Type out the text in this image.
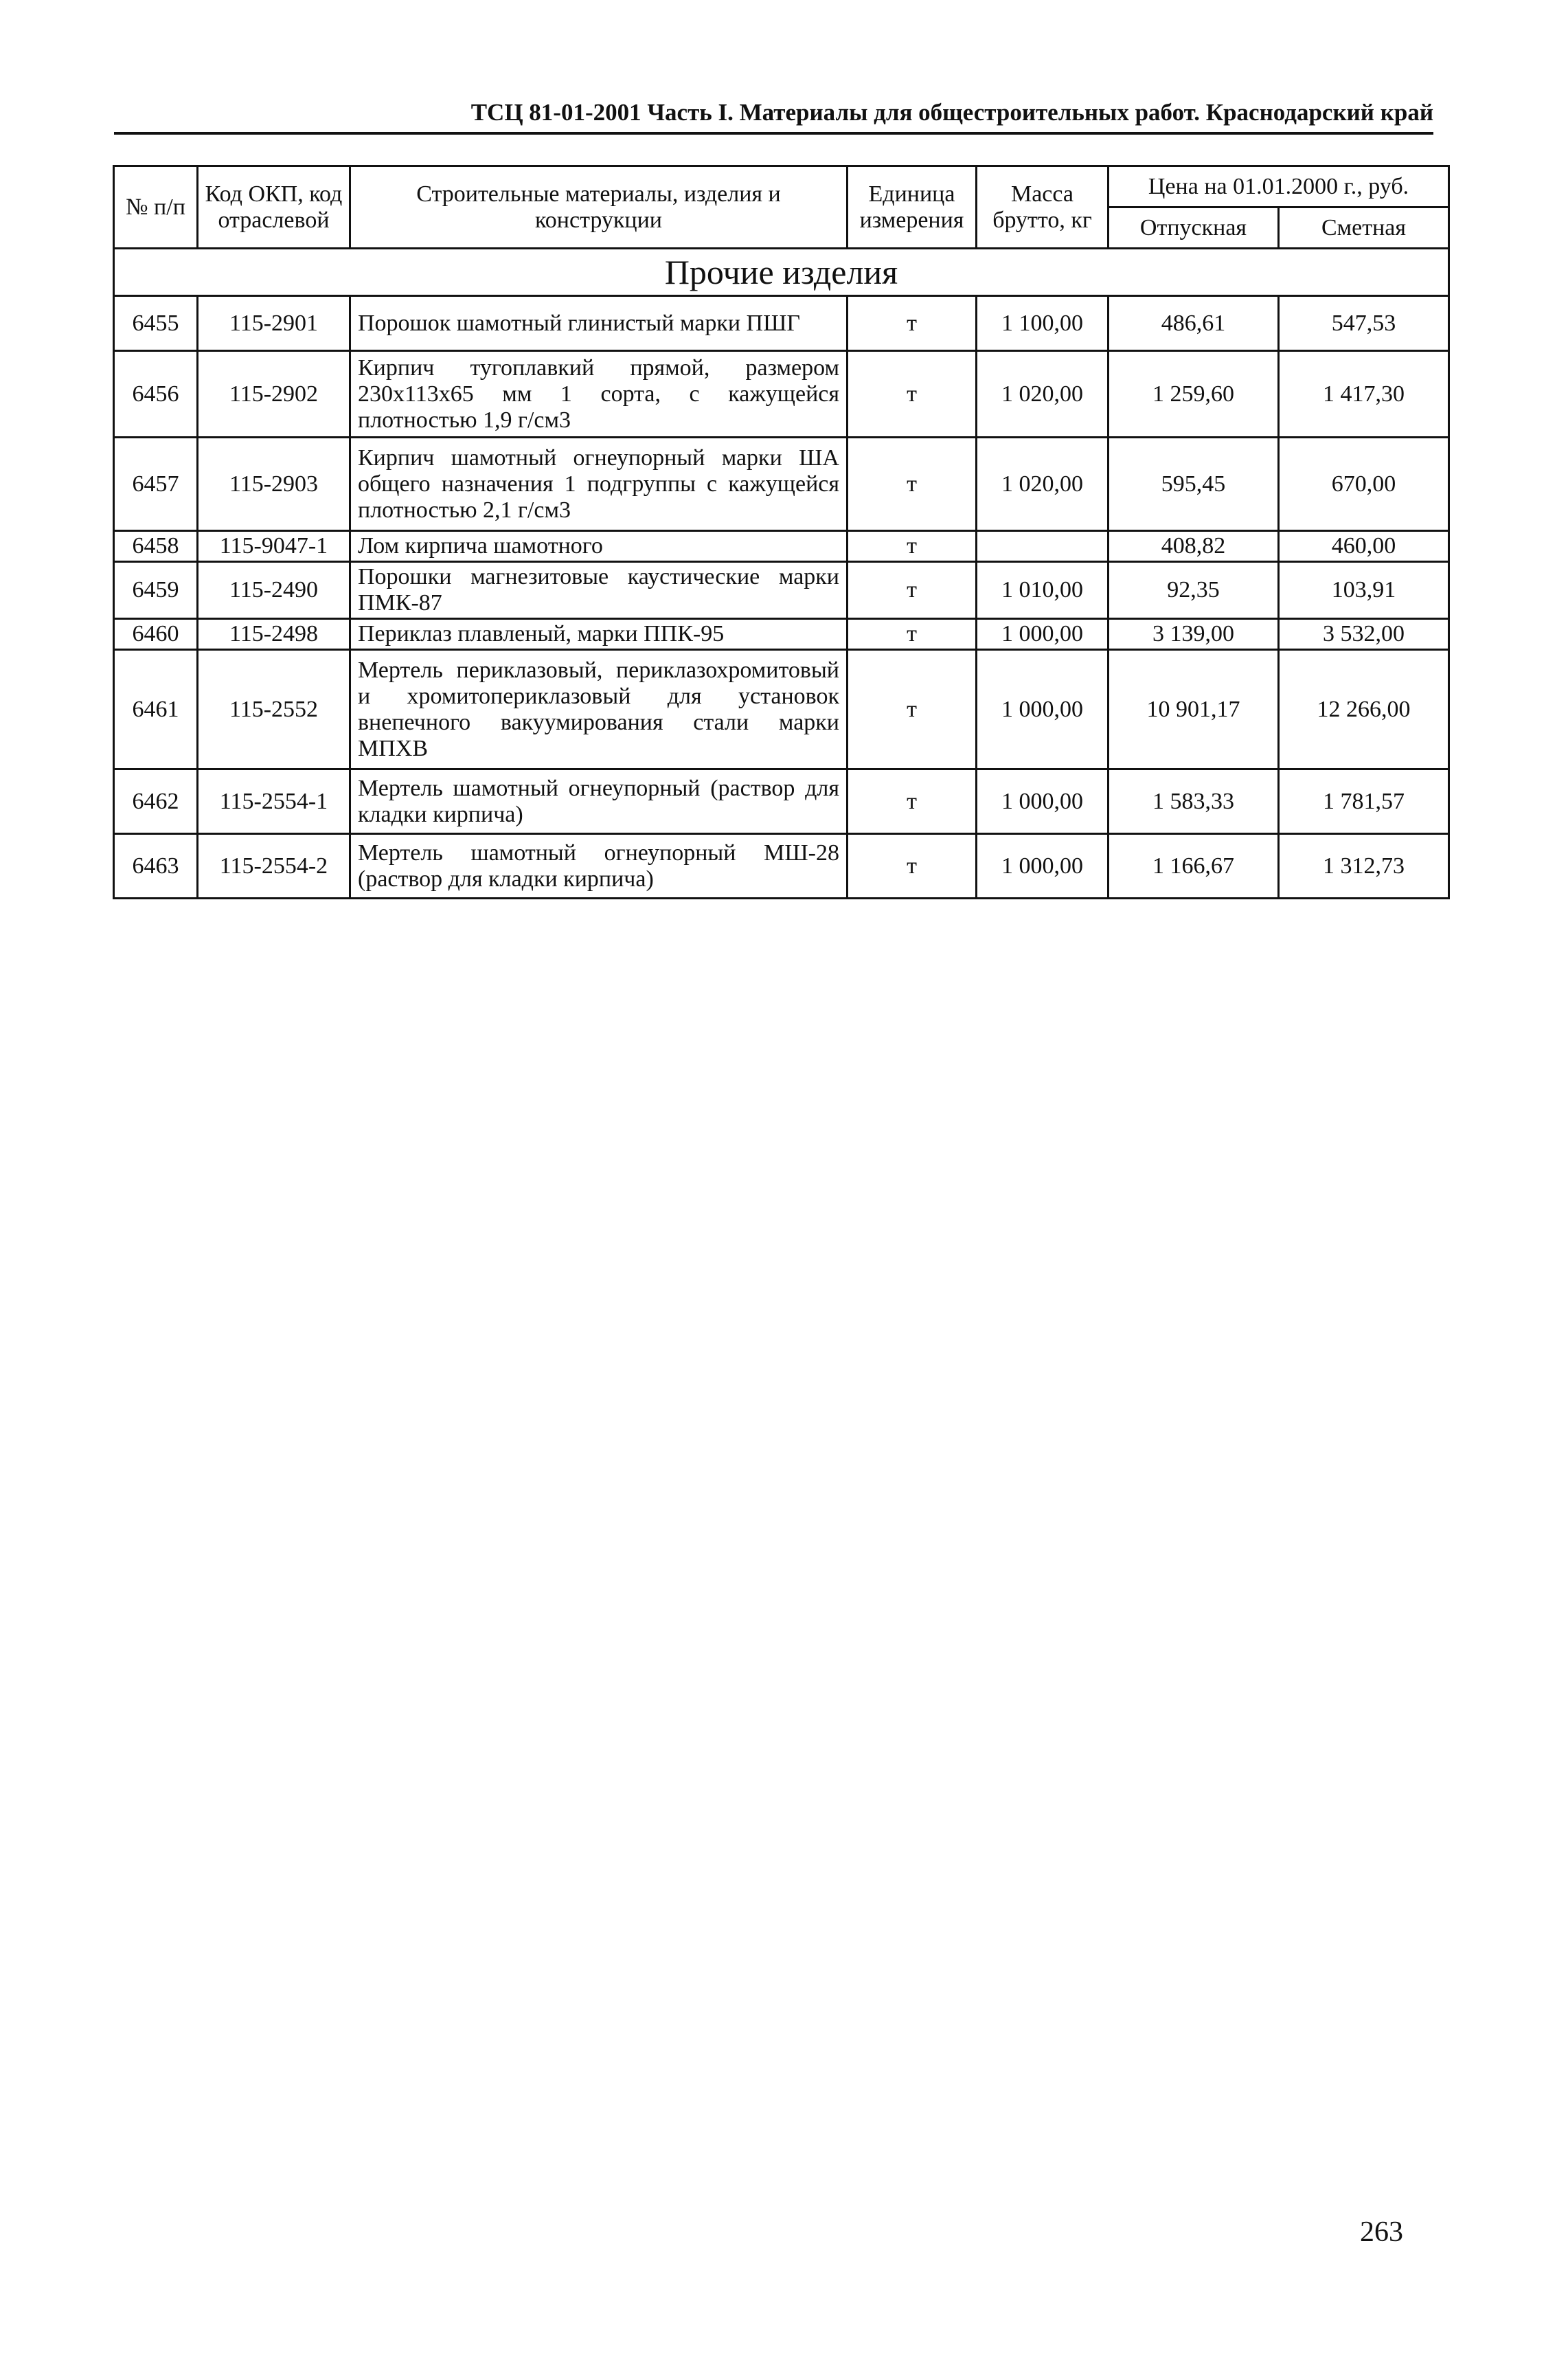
ТСЦ 81-01-2001 Часть I. Материалы для общестроительных работ. Краснодарский край
№ п/п	Код ОКП, код отраслевой	Строительные материалы, изделия и конструкции	Единица измерения	Масса брутто, кг	Цена на 01.01.2000 г., руб.	
					Отпускная	Сметная
Прочие изделия						
6455	115-2901	Порошок шамотный глинистый марки ПШГ	т	1 100,00	486,61	547,53
6456	115-2902	Кирпич тугоплавкий прямой, размером 230х113х65 мм 1 сорта, с кажущейся плотностью 1,9 г/см3	т	1 020,00	1 259,60	1 417,30
6457	115-2903	Кирпич шамотный огнеупорный марки ША общего назначения 1 подгруппы с кажущейся плотностью 2,1 г/см3	т	1 020,00	595,45	670,00
6458	115-9047-1	Лом кирпича шамотного	т		408,82	460,00
6459	115-2490	Порошки магнезитовые каустические марки ПМК-87	т	1 010,00	92,35	103,91
6460	115-2498	Периклаз плавленый, марки ППК-95	т	1 000,00	3 139,00	3 532,00
6461	115-2552	Мертель периклазовый, периклазохромитовый и хромитопериклазовый для установок внепечного вакуумирования стали марки МПХВ	т	1 000,00	10 901,17	12 266,00
6462	115-2554-1	Мертель шамотный огнеупорный (раствор для кладки кирпича)	т	1 000,00	1 583,33	1 781,57
6463	115-2554-2	Мертель шамотный огнеупорный МШ-28 (раствор для кладки кирпича)	т	1 000,00	1 166,67	1 312,73
263
